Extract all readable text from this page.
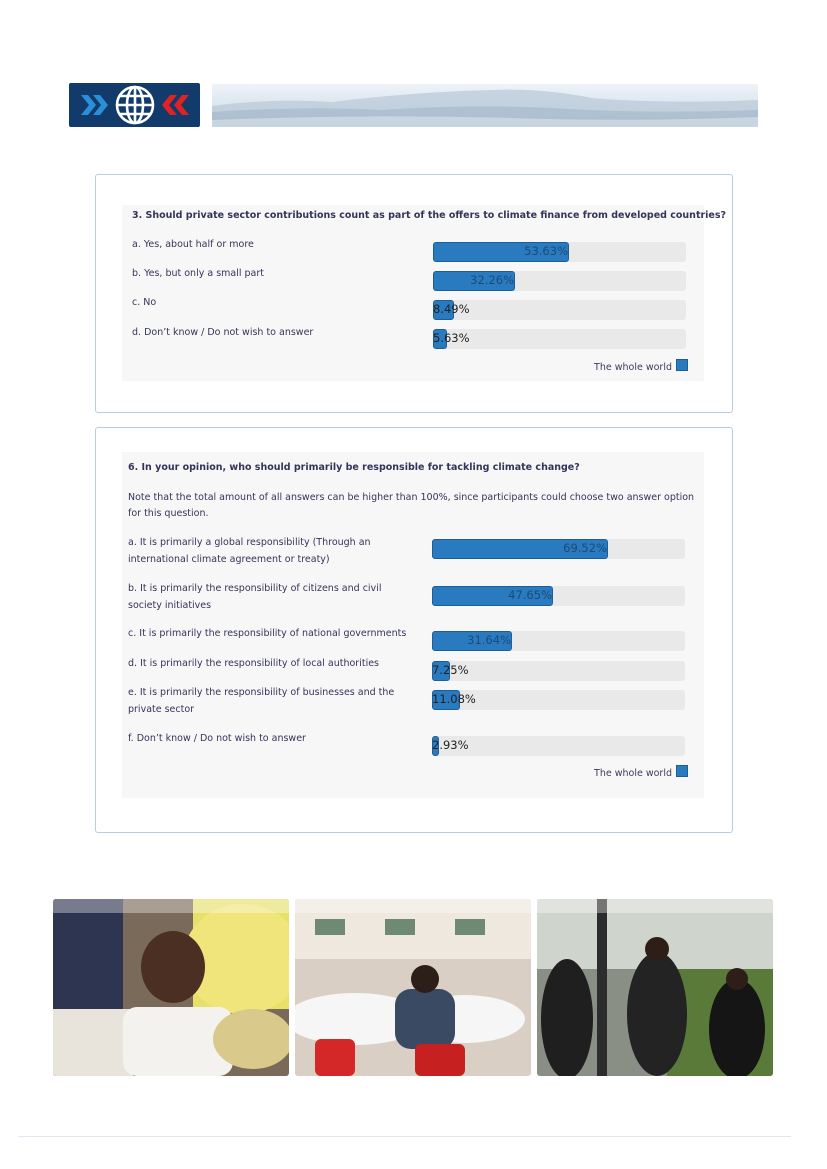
3. Should private sector contributions count as part of the offers to climate finance from developed countries?
a. Yes, about half or more
b. Yes, but only a small part
c. No
d. Don’t know / Do not wish to answer
53.63%
32.26%
8.49%
5.63%
The whole world
6. In your opinion, who should primarily be responsible for tackling climate change?
Note that the total amount of all answers can be higher than 100%, since participants could choose two answer option for this question.
a. It is primarily a global responsibility (Through an international climate agreement or treaty)
b. It is primarily the responsibility of citizens and civil society initiatives
c. It is primarily the responsibility of national governments
d. It is primarily the responsibility of local authorities
e. It is primarily the responsibility of businesses and the private sector
f. Don’t know / Do not wish to answer
69.52%
47.65%
31.64%
7.25%
11.08%
2.93%
The whole world
